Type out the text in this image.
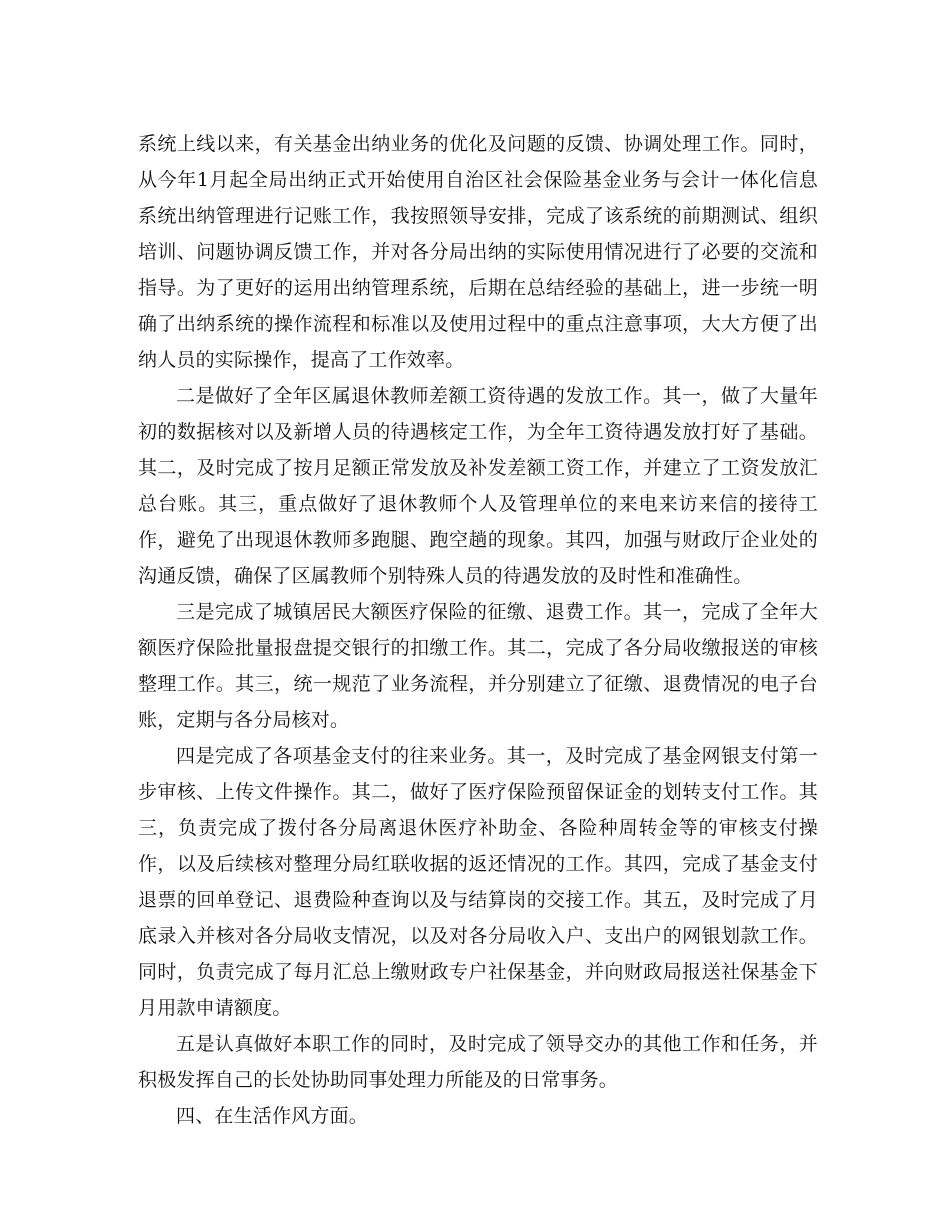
系统上线以来，有关基金出纳业务的优化及问题的反馈、协调处理工作。同时，从今年1月起全局出纳正式开始使用自治区社会保险基金业务与会计一体化信息系统出纳管理进行记账工作，我按照领导安排，完成了该系统的前期测试、组织培训、问题协调反馈工作，并对各分局出纳的实际使用情况进行了必要的交流和指导。为了更好的运用出纳管理系统，后期在总结经验的基础上，进一步统一明确了出纳系统的操作流程和标准以及使用过程中的重点注意事项，大大方便了出纳人员的实际操作，提高了工作效率。

二是做好了全年区属退休教师差额工资待遇的发放工作。其一，做了大量年初的数据核对以及新增人员的待遇核定工作，为全年工资待遇发放打好了基础。其二，及时完成了按月足额正常发放及补发差额工资工作，并建立了工资发放汇总台账。其三，重点做好了退休教师个人及管理单位的来电来访来信的接待工作，避免了出现退休教师多跑腿、跑空趟的现象。其四，加强与财政厅企业处的沟通反馈，确保了区属教师个别特殊人员的待遇发放的及时性和准确性。

三是完成了城镇居民大额医疗保险的征缴、退费工作。其一，完成了全年大额医疗保险批量报盘提交银行的扣缴工作。其二，完成了各分局收缴报送的审核整理工作。其三，统一规范了业务流程，并分别建立了征缴、退费情况的电子台账，定期与各分局核对。

四是完成了各项基金支付的往来业务。其一，及时完成了基金网银支付第一步审核、上传文件操作。其二，做好了医疗保险预留保证金的划转支付工作。其三，负责完成了拨付各分局离退休医疗补助金、各险种周转金等的审核支付操作，以及后续核对整理分局红联收据的返还情况的工作。其四，完成了基金支付退票的回单登记、退费险种查询以及与结算岗的交接工作。其五，及时完成了月底录入并核对各分局收支情况，以及对各分局收入户、支出户的网银划款工作。同时，负责完成了每月汇总上缴财政专户社保基金，并向财政局报送社保基金下月用款申请额度。

五是认真做好本职工作的同时，及时完成了领导交办的其他工作和任务，并积极发挥自己的长处协助同事处理力所能及的日常事务。

四、在生活作风方面。
